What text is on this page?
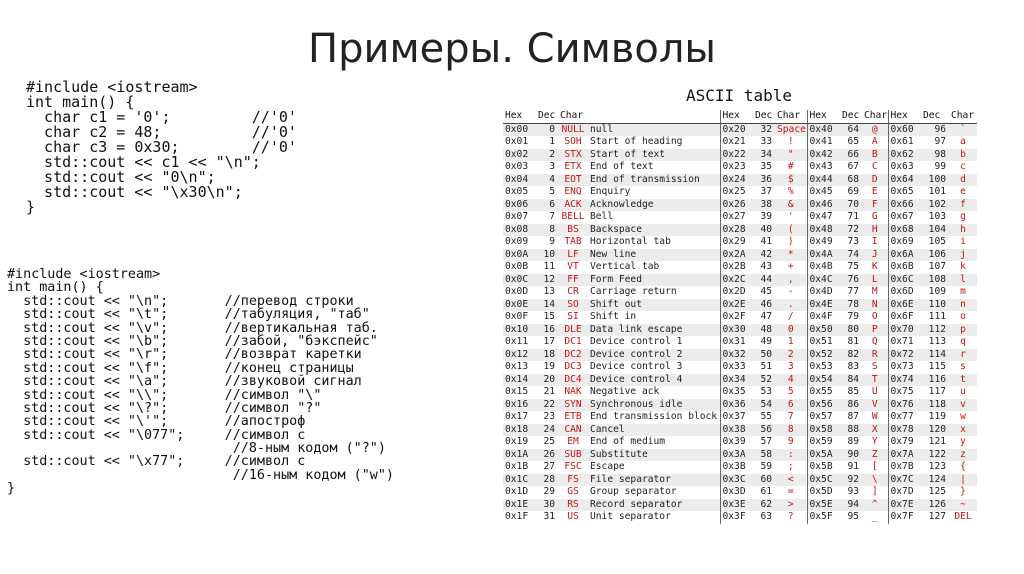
Примеры. Символы
#include <iostream>
int main() {
char c1 = '0';         //'0'
char c2 = 48;          //'0'
char c3 = 0x30;        //'0'
std::cout << c1 << "\n";
std::cout << "0\n";
std::cout << "\x30\n";
}
#include <iostream>
int main() {
std::cout << "\n";       //перевод строки
std::cout << "\t";       //табуляция, "таб"
std::cout << "\v";       //вертикальная таб.
std::cout << "\b";       //забой, "бэкспейс"
std::cout << "\r";       //возврат каретки
std::cout << "\f";       //конец страницы
std::cout << "\a";       //звуковой сигнал
std::cout << "\\";       //символ "\"
std::cout << "\?";       //символ "?"
std::cout << "\'";       //апостроф
std::cout << "\077";     //символ с
//8-ным кодом ("?")
std::cout << "\x77";     //символ с
//16-ным кодом ("w")
}
ASCII table
Hex	Dec	Char		Hex	Dec	Char	Hex	Dec	Char	Hex	Dec	Char
0x00	0	NULL	null	0x20	32	Space	0x40	64	@	0x60	96	`
0x01	1	SOH	Start of heading	0x21	33	!	0x41	65	A	0x61	97	a
0x02	2	STX	Start of text	0x22	34	"	0x42	66	B	0x62	98	b
0x03	3	ETX	End of text	0x23	35	#	0x43	67	C	0x63	99	c
0x04	4	EOT	End of transmission	0x24	36	$	0x44	68	D	0x64	100	d
0x05	5	ENQ	Enquiry	0x25	37	%	0x45	69	E	0x65	101	e
0x06	6	ACK	Acknowledge	0x26	38	&	0x46	70	F	0x66	102	f
0x07	7	BELL	Bell	0x27	39	'	0x47	71	G	0x67	103	g
0x08	8	BS	Backspace	0x28	40	(	0x48	72	H	0x68	104	h
0x09	9	TAB	Horizontal tab	0x29	41	)	0x49	73	I	0x69	105	i
0x0A	10	LF	New line	0x2A	42	*	0x4A	74	J	0x6A	106	j
0x0B	11	VT	Vertical tab	0x2B	43	+	0x4B	75	K	0x6B	107	k
0x0C	12	FF	Form Feed	0x2C	44	,	0x4C	76	L	0x6C	108	l
0x0D	13	CR	Carriage return	0x2D	45	-	0x4D	77	M	0x6D	109	m
0x0E	14	SO	Shift out	0x2E	46	.	0x4E	78	N	0x6E	110	n
0x0F	15	SI	Shift in	0x2F	47	/	0x4F	79	O	0x6F	111	o
0x10	16	DLE	Data link escape	0x30	48	0	0x50	80	P	0x70	112	p
0x11	17	DC1	Device control 1	0x31	49	1	0x51	81	Q	0x71	113	q
0x12	18	DC2	Device control 2	0x32	50	2	0x52	82	R	0x72	114	r
0x13	19	DC3	Device control 3	0x33	51	3	0x53	83	S	0x73	115	s
0x14	20	DC4	Device control 4	0x34	52	4	0x54	84	T	0x74	116	t
0x15	21	NAK	Negative ack	0x35	53	5	0x55	85	U	0x75	117	u
0x16	22	SYN	Synchronous idle	0x36	54	6	0x56	86	V	0x76	118	v
0x17	23	ETB	End transmission block	0x37	55	7	0x57	87	W	0x77	119	w
0x18	24	CAN	Cancel	0x38	56	8	0x58	88	X	0x78	120	x
0x19	25	EM	End of medium	0x39	57	9	0x59	89	Y	0x79	121	y
0x1A	26	SUB	Substitute	0x3A	58	:	0x5A	90	Z	0x7A	122	z
0x1B	27	FSC	Escape	0x3B	59	;	0x5B	91	[	0x7B	123	{
0x1C	28	FS	File separator	0x3C	60	<	0x5C	92	\	0x7C	124	|
0x1D	29	GS	Group separator	0x3D	61	=	0x5D	93	]	0x7D	125	}
0x1E	30	RS	Record separator	0x3E	62	>	0x5E	94	^	0x7E	126	~
0x1F	31	US	Unit separator	0x3F	63	?	0x5F	95	_	0x7F	127	DEL
